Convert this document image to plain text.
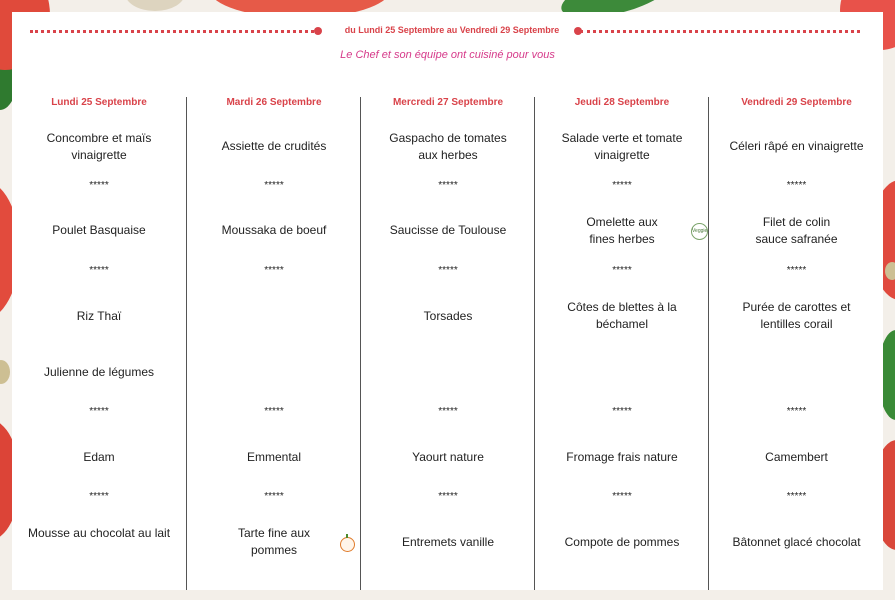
du Lundi 25 Septembre au Vendredi 29 Septembre
Le Chef et son équipe ont cuisiné pour vous
Lundi 25 Septembre
Concombre et maïs vinaigrette
*****
Poulet Basquaise
*****
Riz Thaï
Julienne de légumes
*****
Edam
*****
Mousse au chocolat au lait
Mardi 26 Septembre
Assiette de crudités
*****
Moussaka de boeuf
*****
*****
Emmental
*****
Tarte fine aux pommes
Mercredi 27 Septembre
Gaspacho de tomates aux herbes
*****
Saucisse de Toulouse
*****
Torsades
*****
Yaourt nature
*****
Entremets vanille
Jeudi 28 Septembre
Salade verte et tomate vinaigrette
*****
Omelette aux fines herbes
Veggie
*****
Côtes de blettes à la béchamel
*****
Fromage frais nature
*****
Compote de pommes
Vendredi 29 Septembre
Céleri râpé en vinaigrette
*****
Filet de colin sauce safranée
*****
Purée de carottes et lentilles corail
*****
Camembert
*****
Bâtonnet glacé chocolat
